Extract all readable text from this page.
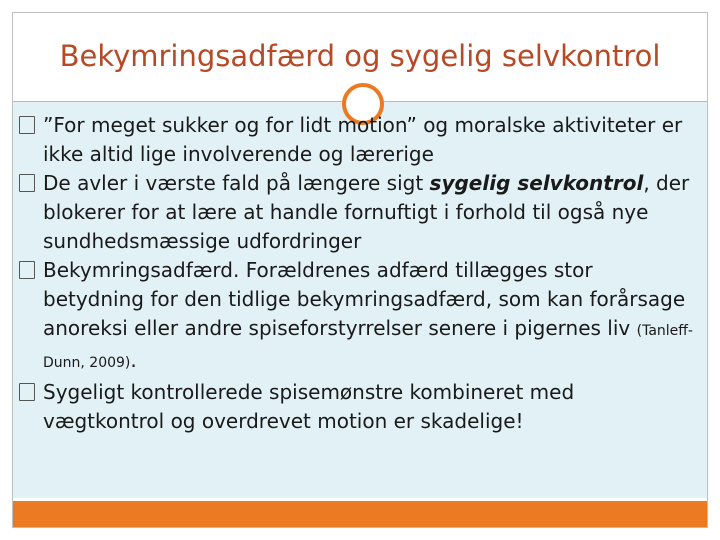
Bekymringsadfærd og sygelig selvkontrol
”For meget sukker og for lidt motion” og moralske aktiviteter er ikke altid lige involverende og lærerige
De avler i værste fald på længere sigt sygelig selvkontrol, der blokerer for at lære at handle fornuftigt i forhold til også nye sundhedsmæssige udfordringer
Bekymringsadfærd. Forældrenes adfærd tillægges stor betydning for den tidlige bekymringsadfærd, som kan forårsage anoreksi eller andre spiseforstyrrelser senere i pigernes liv (Tanleff-Dunn, 2009).
Sygeligt kontrollerede spisemønstre kombineret med vægtkontrol og overdrevet motion er skadelige!
